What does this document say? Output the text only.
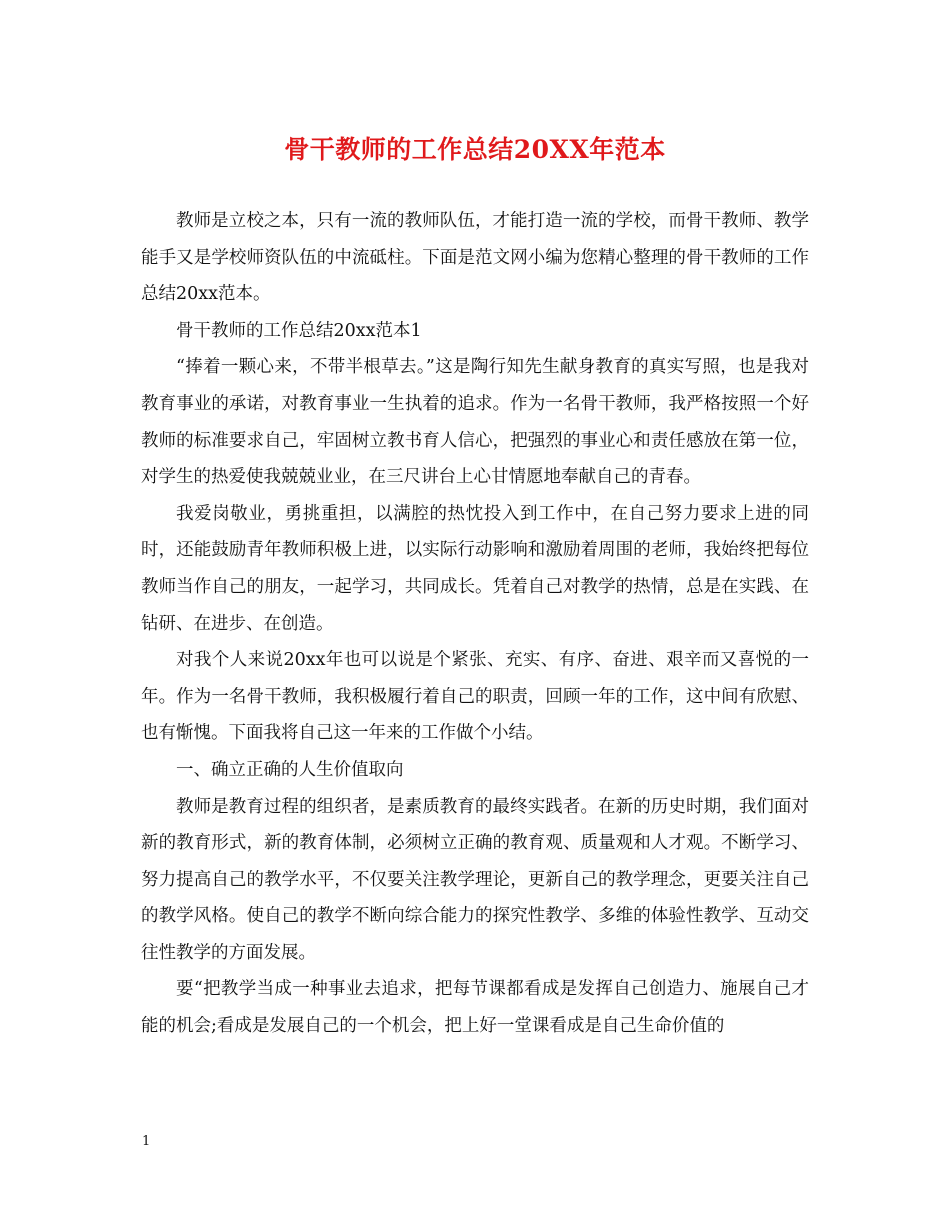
骨干教师的工作总结20XX年范本

教师是立校之本，只有一流的教师队伍，才能打造一流的学校，而骨干教师、教学能手又是学校师资队伍的中流砥柱。下面是范文网小编为您精心整理的骨干教师的工作总结20xx范本。

骨干教师的工作总结20xx范本1

“捧着一颗心来，不带半根草去。”这是陶行知先生献身教育的真实写照，也是我对教育事业的承诺，对教育事业一生执着的追求。作为一名骨干教师，我严格按照一个好教师的标准要求自己，牢固树立教书育人信心，把强烈的事业心和责任感放在第一位，对学生的热爱使我兢兢业业，在三尺讲台上心甘情愿地奉献自己的青春。

我爱岗敬业，勇挑重担，以满腔的热忱投入到工作中，在自己努力要求上进的同时，还能鼓励青年教师积极上进，以实际行动影响和激励着周围的老师，我始终把每位教师当作自己的朋友，一起学习，共同成长。凭着自己对教学的热情，总是在实践、在钻研、在进步、在创造。

对我个人来说20xx年也可以说是个紧张、充实、有序、奋进、艰辛而又喜悦的一年。作为一名骨干教师，我积极履行着自己的职责，回顾一年的工作，这中间有欣慰、也有惭愧。下面我将自己这一年来的工作做个小结。

一、确立正确的人生价值取向

教师是教育过程的组织者，是素质教育的最终实践者。在新的历史时期，我们面对新的教育形式，新的教育体制，必须树立正确的教育观、质量观和人才观。不断学习、努力提高自己的教学水平，不仅要关注教学理论，更新自己的教学理念，更要关注自己的教学风格。使自己的教学不断向综合能力的探究性教学、多维的体验性教学、互动交往性教学的方面发展。

要“把教学当成一种事业去追求，把每节课都看成是发挥自己创造力、施展自己才能的机会;看成是发展自己的一个机会，把上好一堂课看成是自己生命价值的

1
